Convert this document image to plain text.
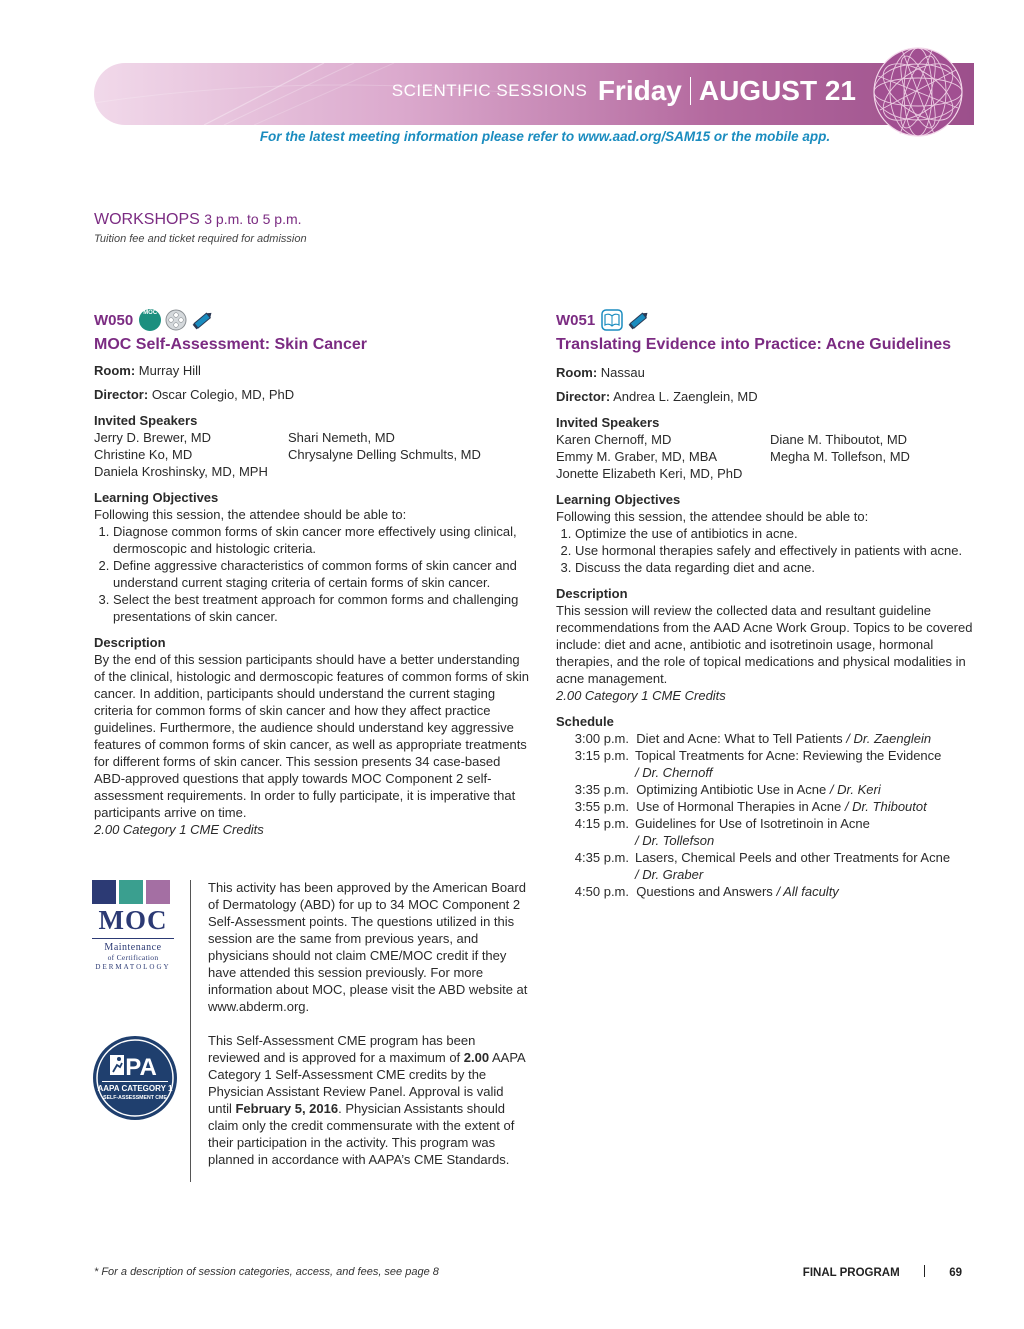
SCIENTIFIC SESSIONS Friday AUGUST 21
For the latest meeting information please refer to www.aad.org/SAM15 or the mobile app.
WORKSHOPS 3 p.m. to 5 p.m.
Tuition fee and ticket required for admission
W050	MOC
MOC Self-Assessment: Skin Cancer
Room: Murray Hill
Director: Oscar Colegio, MD, PhD
Invited Speakers
Jerry D. Brewer, MD	Shari Nemeth, MD
Christine Ko, MD	Chrysalyne Delling Schmults, MD
Daniela Kroshinsky, MD, MPH
Learning Objectives
Following this session, the attendee should be able to:
1. Diagnose common forms of skin cancer more effectively using clinical, dermoscopic and histologic criteria.
2. Define aggressive characteristics of common forms of skin cancer and understand current staging criteria of certain forms of skin cancer.
3. Select the best treatment approach for common forms and challenging presentations of skin cancer.
Description
By the end of this session participants should have a better understanding of the clinical, histologic and dermoscopic features of common forms of skin cancer. In addition, participants should understand the current staging criteria for common forms of skin cancer and how they affect practice guidelines. Furthermore, the audience should understand key aggressive features of common forms of skin cancer, as well as appropriate treatments for different forms of skin cancer. This session presents 34 case-based ABD-approved questions that apply towards MOC Component 2 self-assessment requirements. In order to fully participate, it is imperative that participants arrive on time.
2.00 Category 1 CME Credits
MOC
Maintenance
of Certification
DERMATOLOGY
This activity has been approved by the American Board of Dermatology (ABD) for up to 34 MOC Component 2 Self-Assessment points. The questions utilized in this session are the same from previous years, and physicians should not claim CME/MOC credit if they have attended this session previously. For more information about MOC, please visit the ABD website at www.abderm.org.
This Self-Assessment CME program has been reviewed and is approved for a maximum of 2.00 AAPA Category 1 Self-Assessment CME credits by the Physician Assistant Review Panel. Approval is valid until February 5, 2016. Physician Assistants should claim only the credit commensurate with the extent of their participation in the activity. This program was planned in accordance with AAPA’s CME Standards.
PA
AAPA CATEGORY 1
SELF-ASSESSMENT CME
W051
Translating Evidence into Practice: Acne Guidelines
Room: Nassau
Director: Andrea L. Zaenglein, MD
Invited Speakers
Karen Chernoff, MD	Diane M. Thiboutot, MD
Emmy M. Graber, MD, MBA	Megha M. Tollefson, MD
Jonette Elizabeth Keri, MD, PhD
Learning Objectives
Following this session, the attendee should be able to:
1. Optimize the use of antibiotics in acne.
2. Use hormonal therapies safely and effectively in patients with acne.
3. Discuss the data regarding diet and acne.
Description
This session will review the collected data and resultant guideline recommendations from the AAD Acne Work Group. Topics to be covered include: diet and acne, antibiotic and isotretinoin usage, hormonal therapies, and the role of topical medications and physical modalities in acne management.
2.00 Category 1 CME Credits
Schedule
3:00 p.m. Diet and Acne: What to Tell Patients / Dr. Zaenglein
3:15 p.m. Topical Treatments for Acne: Reviewing the Evidence
/ Dr. Chernoff
3:35 p.m. Optimizing Antibiotic Use in Acne / Dr. Keri
3:55 p.m. Use of Hormonal Therapies in Acne / Dr. Thiboutot
4:15 p.m. Guidelines for Use of Isotretinoin in Acne
/ Dr. Tollefson
4:35 p.m. Lasers, Chemical Peels and other Treatments for Acne
/ Dr. Graber
4:50 p.m. Questions and Answers / All faculty
* For a description of session categories, access, and fees, see page 8	FINAL PROGRAM	69
